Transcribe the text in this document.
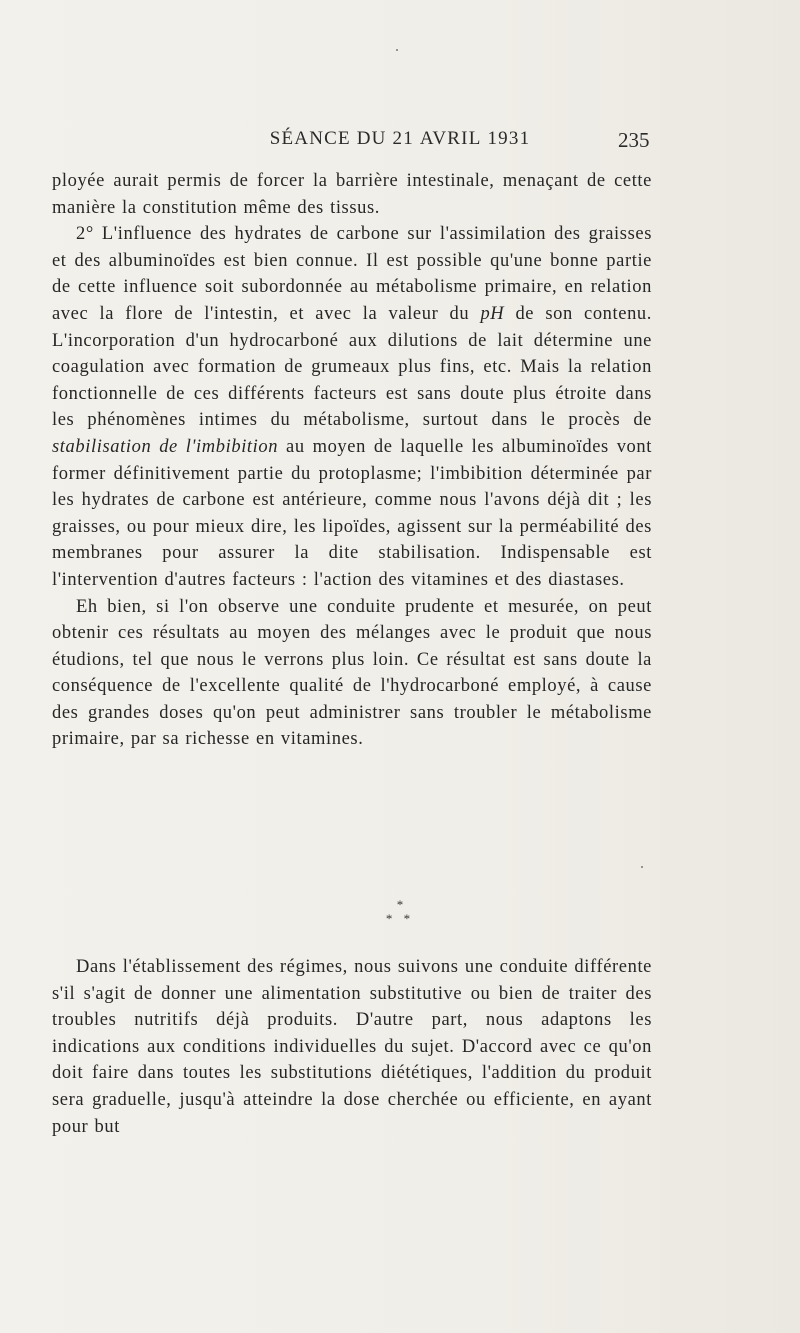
SÉANCE DU 21 AVRIL 1931	235

ployée aurait permis de forcer la barrière intestinale, menaçant de cette manière la constitution même des tissus.

2° L'influence des hydrates de carbone sur l'assimilation des graisses et des albuminoïdes est bien connue. Il est possible qu'une bonne partie de cette influence soit subordonnée au métabolisme primaire, en relation avec la flore de l'intestin, et avec la valeur du pH de son contenu. L'incorporation d'un hydrocarboné aux dilutions de lait détermine une coagulation avec formation de grumeaux plus fins, etc. Mais la relation fonctionnelle de ces différents facteurs est sans doute plus étroite dans les phénomènes intimes du métabolisme, surtout dans le procès de stabilisation de l'imbibition au moyen de laquelle les albuminoïdes vont former définitivement partie du protoplasme; l'imbibition déterminée par les hydrates de carbone est antérieure, comme nous l'avons déjà dit ; les graisses, ou pour mieux dire, les lipoïdes, agissent sur la perméabilité des membranes pour assurer la dite stabilisation. Indispensable est l'intervention d'autres facteurs : l'action des vitamines et des diastases.

Eh bien, si l'on observe une conduite prudente et mesurée, on peut obtenir ces résultats au moyen des mélanges avec le produit que nous étudions, tel que nous le verrons plus loin. Ce résultat est sans doute la conséquence de l'excellente qualité de l'hydrocarboné employé, à cause des grandes doses qu'on peut administrer sans troubler le métabolisme primaire, par sa richesse en vitamines.

*
* *

Dans l'établissement des régimes, nous suivons une conduite différente s'il s'agit de donner une alimentation substitutive ou bien de traiter des troubles nutritifs déjà produits. D'autre part, nous adaptons les indications aux conditions individuelles du sujet. D'accord avec ce qu'on doit faire dans toutes les substitutions diététiques, l'addition du produit sera graduelle, jusqu'à atteindre la dose cherchée ou efficiente, en ayant pour but
